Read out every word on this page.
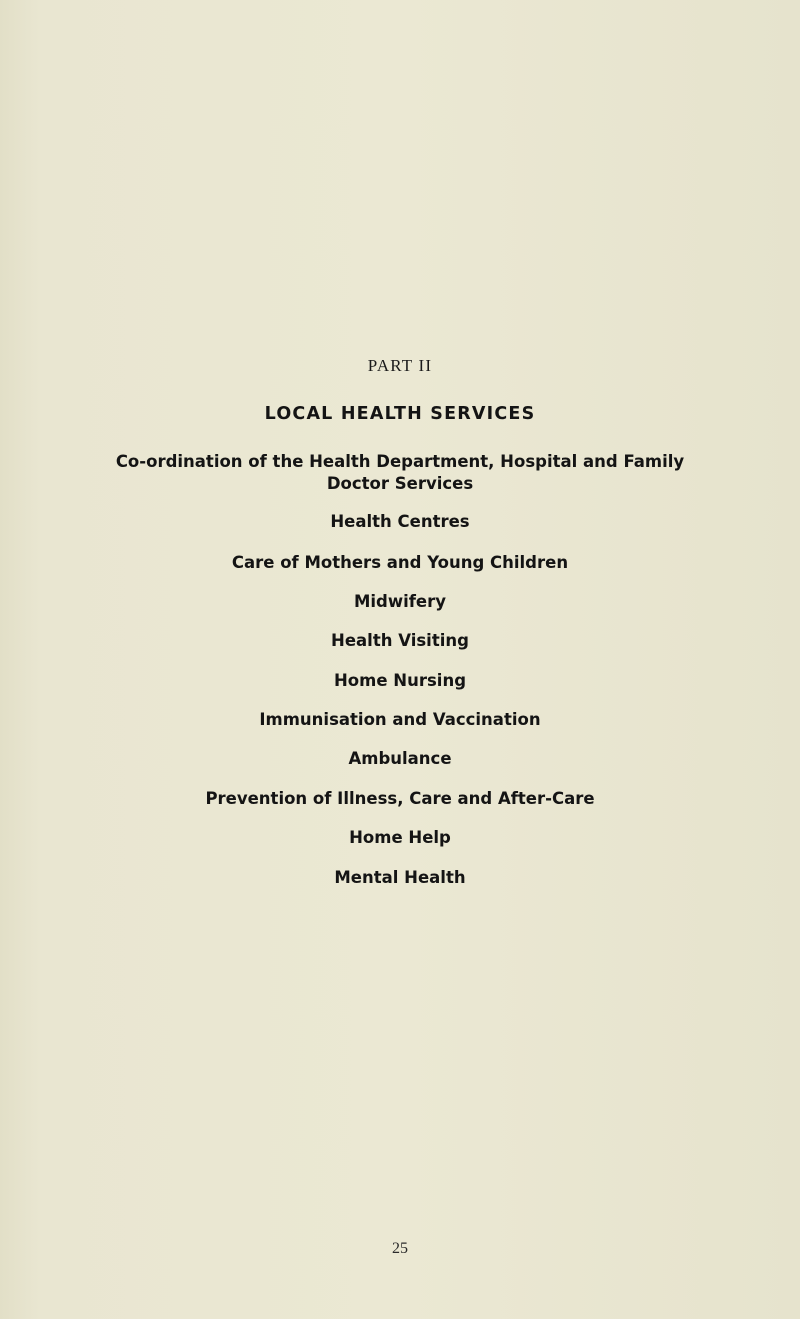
PART II
LOCAL HEALTH SERVICES
Co-ordination of the Health Department, Hospital and Family
Doctor Services
Health Centres
Care of Mothers and Young Children
Midwifery
Health Visiting
Home Nursing
Immunisation and Vaccination
Ambulance
Prevention of Illness, Care and After-Care
Home Help
Mental Health
25
